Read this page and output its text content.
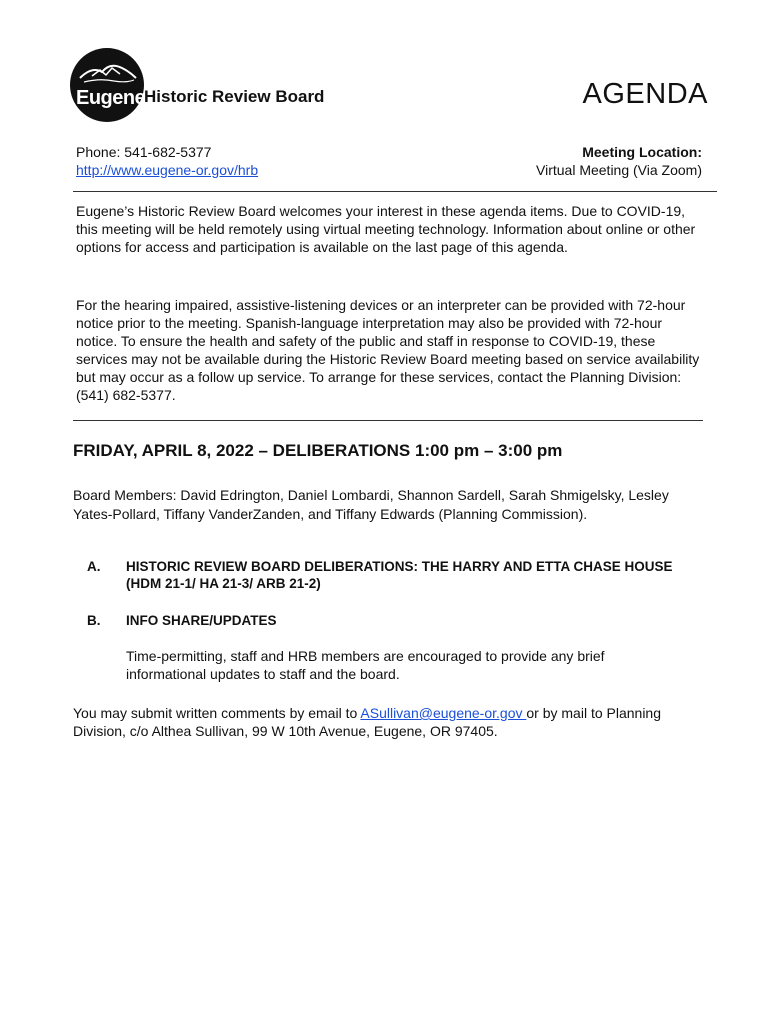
Eugene
Historic Review Board	AGENDA
Phone: 541-682-5377
http://www.eugene-or.gov/hrb
Meeting Location:
Virtual Meeting (Via Zoom)
Eugene’s Historic Review Board welcomes your interest in these agenda items. Due to COVID-19, this meeting will be held remotely using virtual meeting technology. Information about online or other options for access and participation is available on the last page of this agenda.
For the hearing impaired, assistive-listening devices or an interpreter can be provided with 72-hour notice prior to the meeting. Spanish-language interpretation may also be provided with 72-hour notice. To ensure the health and safety of the public and staff in response to COVID-19, these services may not be available during the Historic Review Board meeting based on service availability but may occur as a follow up service. To arrange for these services, contact the Planning Division: (541) 682-5377.
FRIDAY, APRIL 8, 2022 – DELIBERATIONS 1:00 pm – 3:00 pm
Board Members: David Edrington, Daniel Lombardi, Shannon Sardell, Sarah Shmigelsky, Lesley Yates-Pollard, Tiffany VanderZanden, and Tiffany Edwards (Planning Commission).
A. HISTORIC REVIEW BOARD DELIBERATIONS: THE HARRY AND ETTA CHASE HOUSE (HDM 21-1/ HA 21-3/ ARB 21-2)
B. INFO SHARE/UPDATES
Time-permitting, staff and HRB members are encouraged to provide any brief informational updates to staff and the board.
You may submit written comments by email to ASullivan@eugene-or.gov or by mail to Planning Division, c/o Althea Sullivan, 99 W 10th Avenue, Eugene, OR 97405.
